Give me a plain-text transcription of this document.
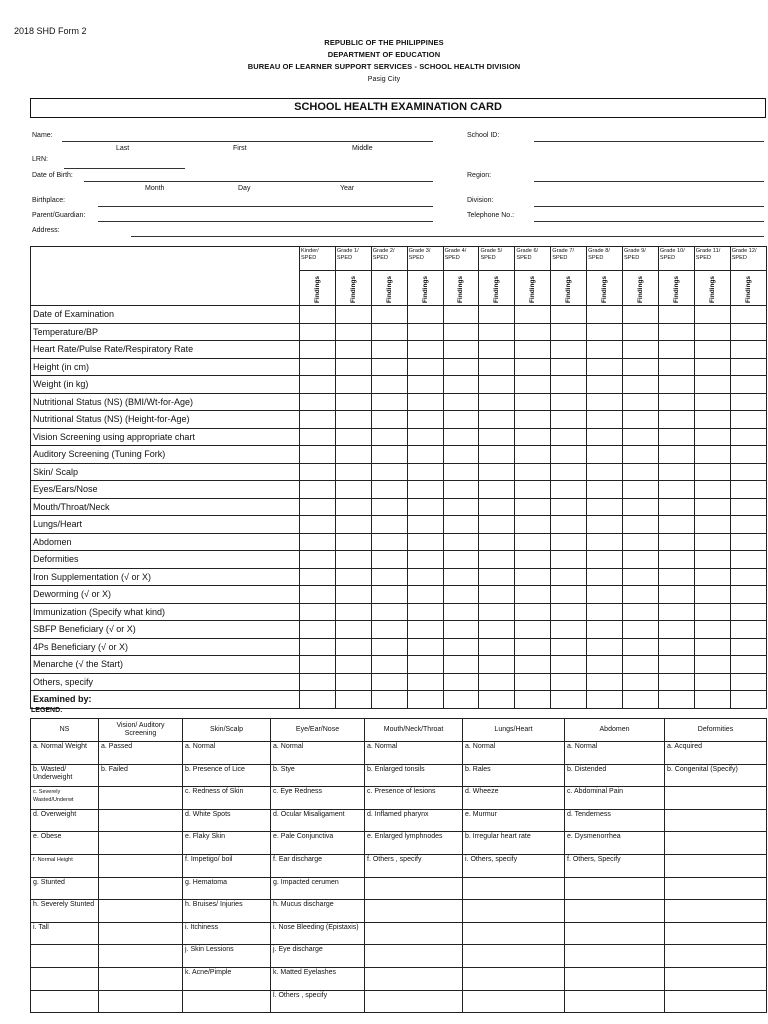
2018 SHD Form 2
REPUBLIC OF THE PHILIPPINES
DEPARTMENT OF EDUCATION
BUREAU OF LEARNER SUPPORT SERVICES - SCHOOL HEALTH DIVISION
Pasig City
SCHOOL HEALTH EXAMINATION CARD
Name:
Last	First	Middle
School ID:
LRN:
Date of Birth:
Month	Day	Year
Region:
Birthplace:	Division:
Parent/Guardian:	Telephone No.:
Address:
	Kinder/ SPED	Grade 1/ SPED	Grade 2/ SPED	Grade 3/ SPED	Grade 4/ SPED	Grade 5/ SPED	Grade 6/ SPED	Grade 7/ SPED	Grade 8/ SPED	Grade 9/ SPED	Grade 10/ SPED	Grade 11/ SPED	Grade 12/ SPED
	Findings	Findings	Findings	Findings	Findings	Findings	Findings	Findings	Findings	Findings	Findings	Findings	Findings
Date of Examination													
Temperature/BP													
Heart Rate/Pulse Rate/Respiratory Rate													
Height (in cm)													
Weight (in kg)													
Nutritional Status (NS) (BMI/Wt-for-Age)													
Nutritional Status (NS) (Height-for-Age)													
Vision Screening using appropriate chart													
Auditory Screening (Tuning Fork)													
Skin/ Scalp													
Eyes/Ears/Nose													
Mouth/Throat/Neck													
Lungs/Heart													
Abdomen													
Deformities													
Iron Supplementation (√ or X)													
Deworming (√ or X)													
Immunization (Specify what kind)													
SBFP Beneficiary (√ or X)													
4Ps Beneficiary (√ or X)													
Menarche (√ the Start)													
Others, specify													
Examined by:													
LEGEND:
NS	Vision/ Auditory Screening	Skin/Scalp	Eye/Ear/Nose	Mouth/Neck/Throat	Lungs/Heart	Abdomen	Deformities
a. Normal Weight	a. Passed	a. Normal	a. Normal	a. Normal	a. Normal	a. Normal	a. Acquired
b. Wasted/ Underweight	b. Failed	b. Presence of Lice	b. Stye	b. Enlarged tonsils	b. Rales	b. Distended	b. Congenital (Specify)
c. Severely Wasted/Underwt		c. Redness of Skin	c. Eye Redness	c. Presence of lesions	d. Wheeze	c. Abdominal Pain	
d. Overweight		d. White Spots	d. Ocular Misaligament	d. Inflamed pharynx	e. Murmur	d. Tenderness	
e. Obese		e. Flaky Skin	e. Pale Conjunctiva	e. Enlarged lymphnodes	b. Irregular heart rate	e. Dysmenorrhea	
f. Normal Height		f. Impetigo/ boil	f. Ear discharge	f. Others , specify	i. Others, specify	f. Others, Specify	
g. Stunted		g. Hematoma	g. Impacted cerumen				
h. Severely Stunted		h. Bruises/ Injuries	h. Mucus discharge				
i. Tall		i. Itchiness	i. Nose Bleeding (Epistaxis)				
		j. Skin Lessions	j. Eye discharge				
		k. Acne/Pimple	k. Matted Eyelashes				
			l. Others , specify				
